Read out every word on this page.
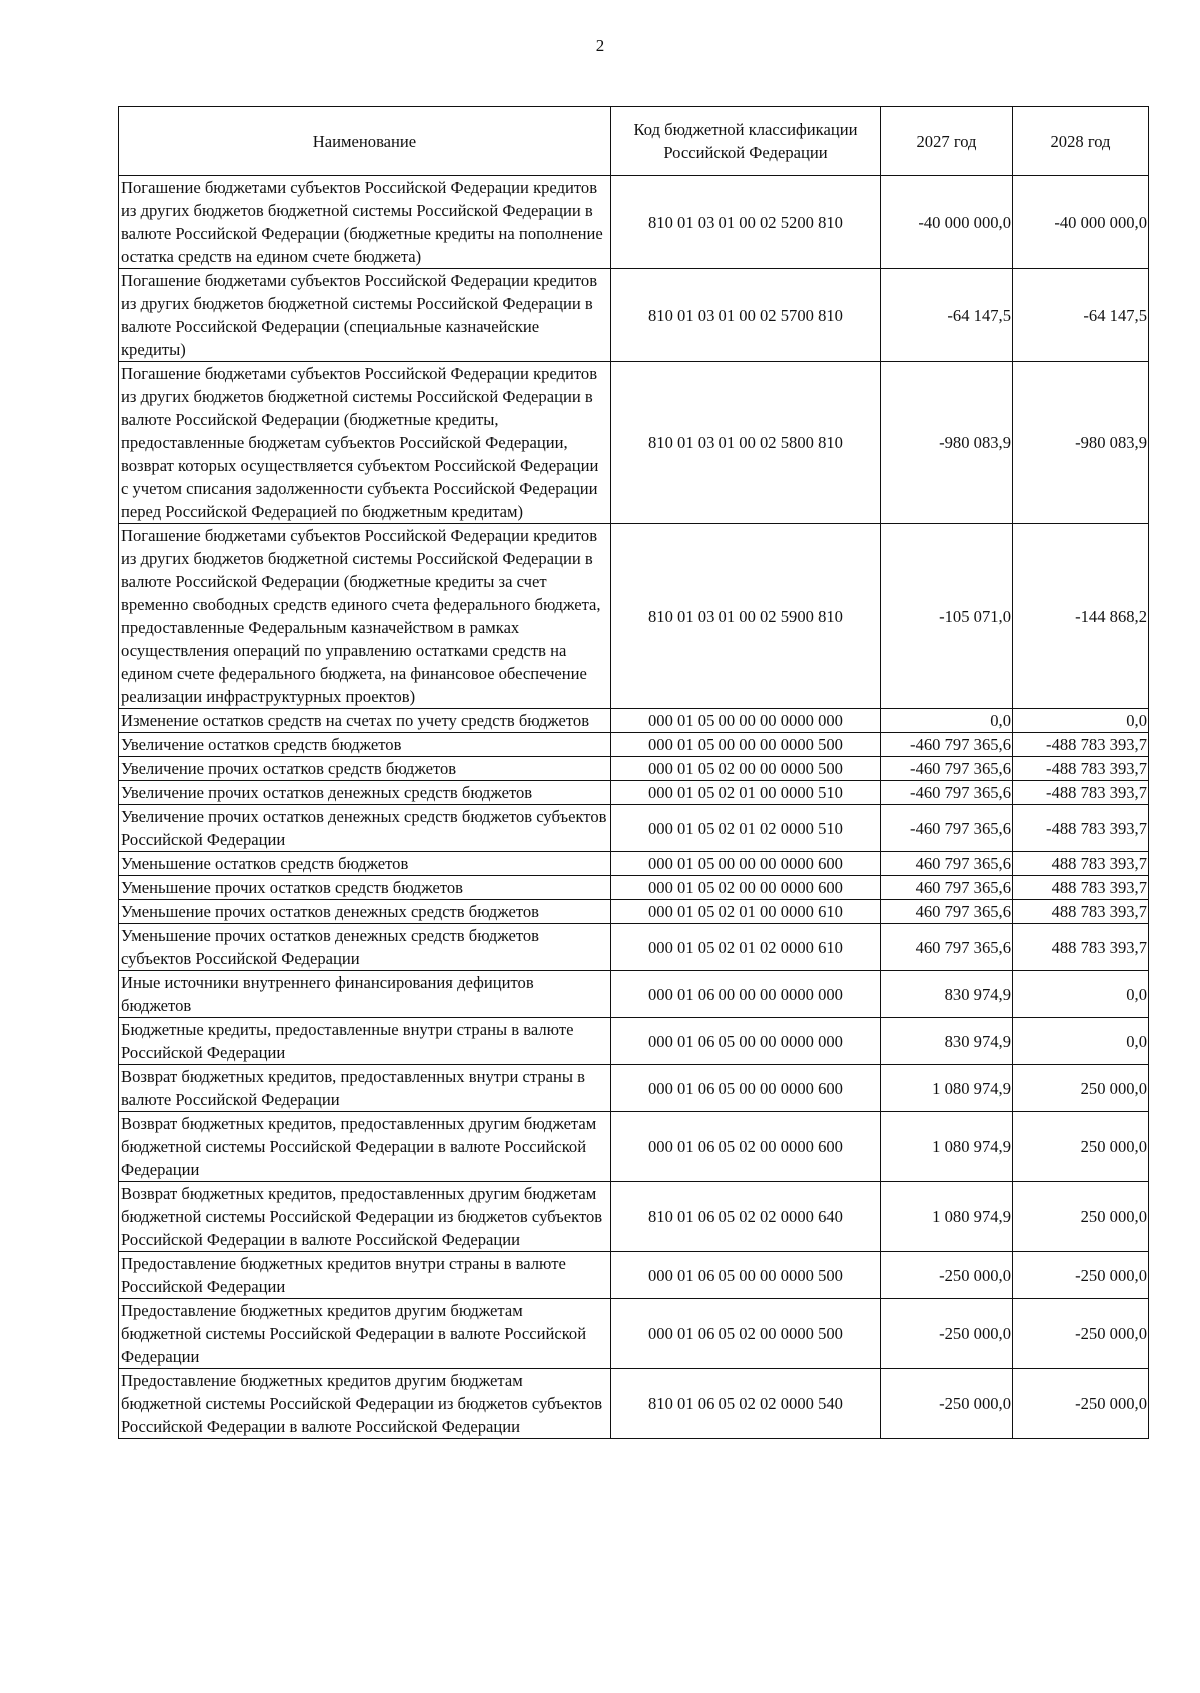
2
Наименование	Код бюджетной классификации Российской Федерации	2027 год	2028 год
Погашение бюджетами субъектов Российской Федерации кредитов из других бюджетов бюджетной системы Российской Федерации в валюте Российской Федерации (бюджетные кредиты на пополнение остатка средств на едином счете бюджета)	810 01 03 01 00 02 5200 810	-40 000 000,0	-40 000 000,0
Погашение бюджетами субъектов Российской Федерации кредитов из других бюджетов бюджетной системы Российской Федерации в валюте Российской Федерации (специальные казначейские кредиты)	810 01 03 01 00 02 5700 810	-64 147,5	-64 147,5
Погашение бюджетами субъектов Российской Федерации кредитов из других бюджетов бюджетной системы Российской Федерации в валюте Российской Федерации (бюджетные кредиты, предоставленные бюджетам субъектов Российской Федерации, возврат которых осуществляется субъектом Российской Федерации с учетом списания задолженности субъекта Российской Федерации перед Российской Федерацией по бюджетным кредитам)	810 01 03 01 00 02 5800 810	-980 083,9	-980 083,9
Погашение бюджетами субъектов Российской Федерации кредитов из других бюджетов бюджетной системы Российской Федерации в валюте Российской Федерации (бюджетные кредиты за счет временно свободных средств единого счета федерального бюджета, предоставленные Федеральным казначейством в рамках осуществления операций по управлению остатками средств на едином счете федерального бюджета, на финансовое обеспечение реализации инфраструктурных проектов)	810 01 03 01 00 02 5900 810	-105 071,0	-144 868,2
Изменение остатков средств на счетах по учету средств бюджетов	000 01 05 00 00 00 0000 000	0,0	0,0
Увеличение остатков средств бюджетов	000 01 05 00 00 00 0000 500	-460 797 365,6	-488 783 393,7
Увеличение прочих остатков средств бюджетов	000 01 05 02 00 00 0000 500	-460 797 365,6	-488 783 393,7
Увеличение прочих остатков денежных средств бюджетов	000 01 05 02 01 00 0000 510	-460 797 365,6	-488 783 393,7
Увеличение прочих остатков денежных средств бюджетов субъектов Российской Федерации	000 01 05 02 01 02 0000 510	-460 797 365,6	-488 783 393,7
Уменьшение остатков средств бюджетов	000 01 05 00 00 00 0000 600	460 797 365,6	488 783 393,7
Уменьшение прочих остатков средств бюджетов	000 01 05 02 00 00 0000 600	460 797 365,6	488 783 393,7
Уменьшение прочих остатков денежных средств бюджетов	000 01 05 02 01 00 0000 610	460 797 365,6	488 783 393,7
Уменьшение прочих остатков денежных средств бюджетов субъектов Российской Федерации	000 01 05 02 01 02 0000 610	460 797 365,6	488 783 393,7
Иные источники внутреннего финансирования дефицитов бюджетов	000 01 06 00 00 00 0000 000	830 974,9	0,0
Бюджетные кредиты, предоставленные внутри страны в валюте Российской Федерации	000 01 06 05 00 00 0000 000	830 974,9	0,0
Возврат бюджетных кредитов, предоставленных внутри страны в валюте Российской Федерации	000 01 06 05 00 00 0000 600	1 080 974,9	250 000,0
Возврат бюджетных кредитов, предоставленных другим бюджетам бюджетной системы Российской Федерации в валюте Российской Федерации	000 01 06 05 02 00 0000 600	1 080 974,9	250 000,0
Возврат бюджетных кредитов, предоставленных другим бюджетам бюджетной системы Российской Федерации из бюджетов субъектов Российской Федерации в валюте Российской Федерации	810 01 06 05 02 02 0000 640	1 080 974,9	250 000,0
Предоставление бюджетных кредитов внутри страны в валюте Российской Федерации	000 01 06 05 00 00 0000 500	-250 000,0	-250 000,0
Предоставление бюджетных кредитов другим бюджетам бюджетной системы Российской Федерации в валюте Российской Федерации	000 01 06 05 02 00 0000 500	-250 000,0	-250 000,0
Предоставление бюджетных кредитов другим бюджетам бюджетной системы Российской Федерации из бюджетов субъектов Российской Федерации в валюте Российской Федерации	810 01 06 05 02 02 0000 540	-250 000,0	-250 000,0
